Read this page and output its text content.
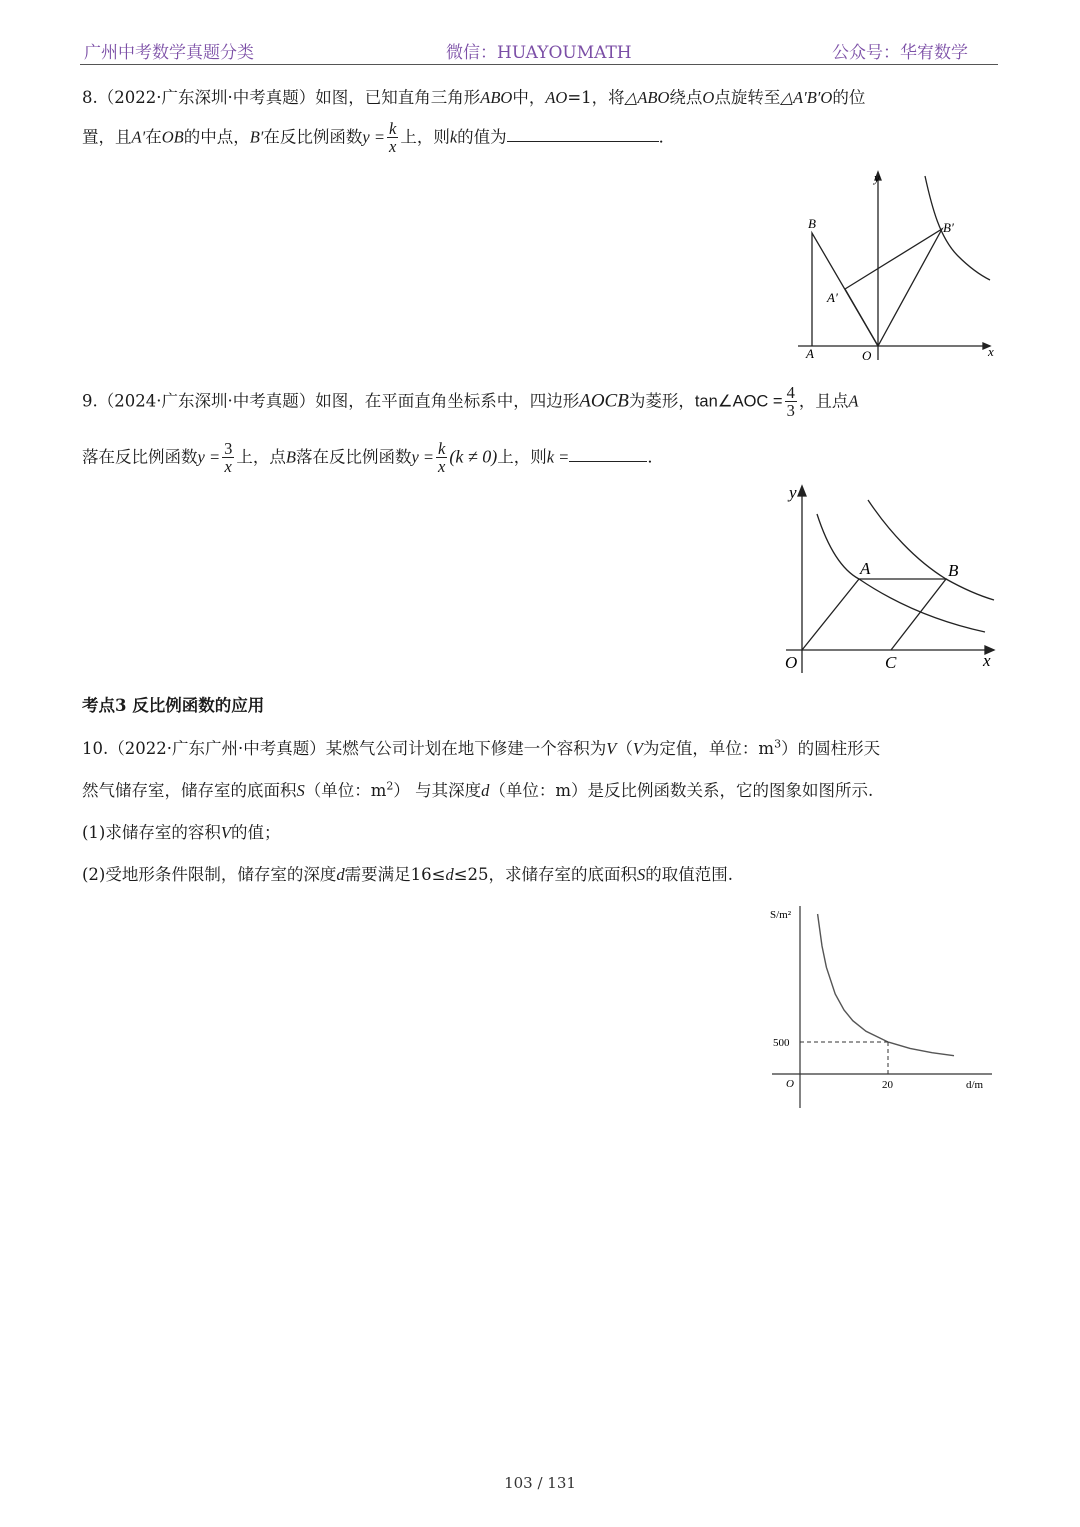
广州中考数学真题分类	微信：HUAYOUMATH	公众号：华宥数学
8.（2022·广东深圳·中考真题）如图，已知直角三角形ABO中，AO=1，将△ABO绕点O点旋转至△A′B′O的位
置，且A′在OB的中点，B′在反比例函数$y = \frac{k}{x}$ 上，则k的值为	．
y
x
B	B′
A′
A	O
9.（2024·广东深圳·中考真题）如图，在平面直角坐标系中，四边形AOCB为菱形，tan∠AOC = $\frac{4}{3}$ ，且点A
落在反比例函数$y = \frac{3}{x}$ 上，点B落在反比例函数$y = \frac{k}{x} (k \ne 0)$上，则k =	．
y
x
A	B
O	C
考点3 反比例函数的应用
10.（2022·广东广州·中考真题）某燃气公司计划在地下修建一个容积为V（V为定值，单位：$m^3$）的圆柱形天
然气储存室，储存室的底面积S（单位：$m^2$） 与其深度d（单位：m）是反比例函数关系，它的图象如图所示.
(1)求储存室的容积V的值；
(2)受地形条件限制，储存室的深度d需要满足16≤d≤25，求储存室的底面积S的取值范围.
S/m²
d/m
O
500
20
103 / 131
